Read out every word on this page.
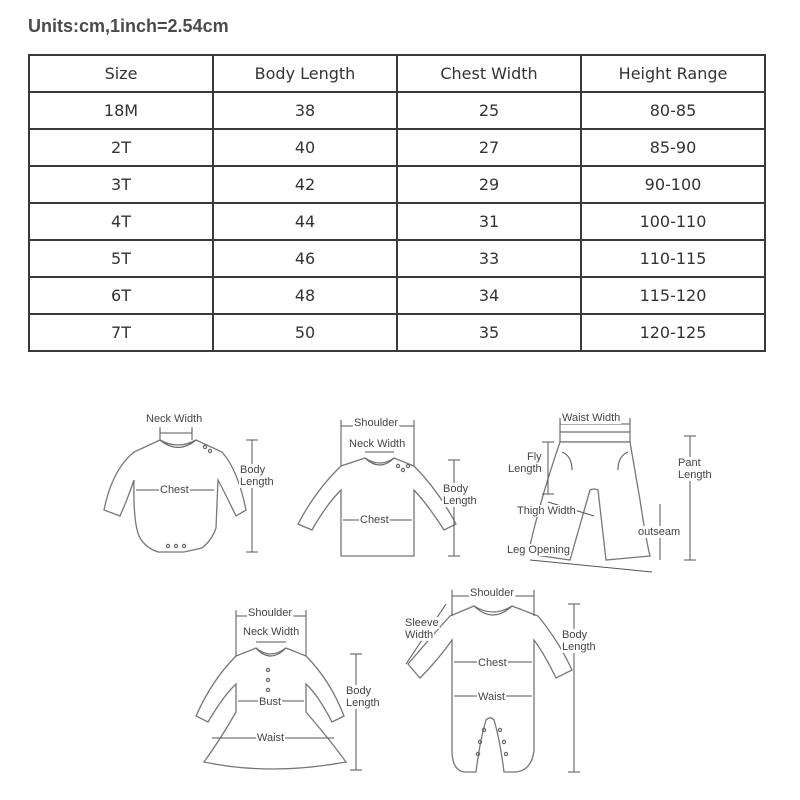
Units:cm,1inch=2.54cm
Size	Body Length	Chest Width	Height Range
18M	38	25	80-85
2T	40	27	85-90
3T	42	29	90-100
4T	44	31	100-110
5T	46	33	110-115
6T	48	34	115-120
7T	50	35	120-125
Neck Width
Chest
Body
Length
Shoulder
Neck Width
Chest
Body
Length
Waist Width
Fly
Length	Pant
Length
Thigh Width
outseam
Leg Opening
Shoulder
Neck Width
Bust
Waist
Body
Length
Shoulder
Sleeve
Width
Chest
Waist
Body
Length
